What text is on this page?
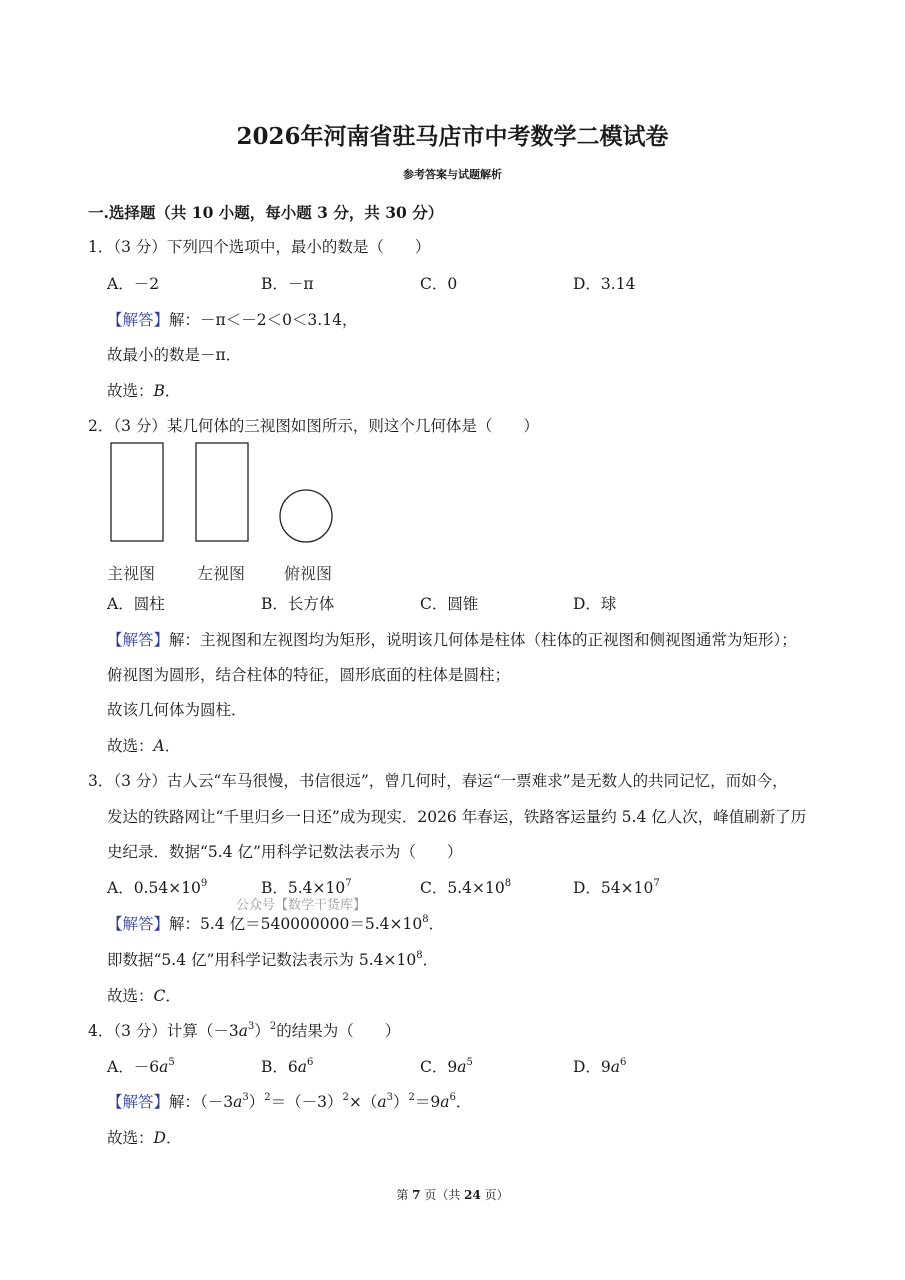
2026年河南省驻马店市中考数学二模试卷
参考答案与试题解析
一.选择题（共 10 小题，每小题 3 分，共 30 分）
1．（3 分）下列四个选项中，最小的数是（　　）
A．－2	B．－π	C．0	D．3.14
【解答】解：－π＜－2＜0＜3.14，
故最小的数是－π．
故选：B．
2．（3 分）某几何体的三视图如图所示，则这个几何体是（　　）
主视图	左视图 俯视图
A．圆柱	B．长方体	C．圆锥	D．球
【解答】解：主视图和左视图均为矩形，说明该几何体是柱体（柱体的正视图和侧视图通常为矩形）；
俯视图为圆形，结合柱体的特征，圆形底面的柱体是圆柱；
故该几何体为圆柱．
故选：A．
3．（3 分）古人云“车马很慢，书信很远”，曾几何时，春运“一票难求”是无数人的共同记忆，而如今，
发达的铁路网让“千里归乡一日还”成为现实．2026 年春运，铁路客运量约 5.4 亿人次，峰值刷新了历
史纪录．数据“5.4 亿”用科学记数法表示为（　　）
A．$0.54\times 10^9$	B．$5.4\times 10^7$	C．$5.4\times 10^8$	D．$54\times 10^7$
公众号【数学干货库】
【解答】解：5.4 亿$=540000000=5.4\times 10^8$．
即数据“5.4 亿”用科学记数法表示为 $5.4\times 10^8$．
故选：C．
4．（3 分）计算$(-3a^3)^2$的结果为（　　）
A．$-6a^5$	B．$6a^6$	C．$9a^5$	D．$9a^6$
【解答】解：$(-3a^3)^2=(-3)^2\times(a^3)^2=9a^6$．
故选：D．
第 7 页（共 24 页）
